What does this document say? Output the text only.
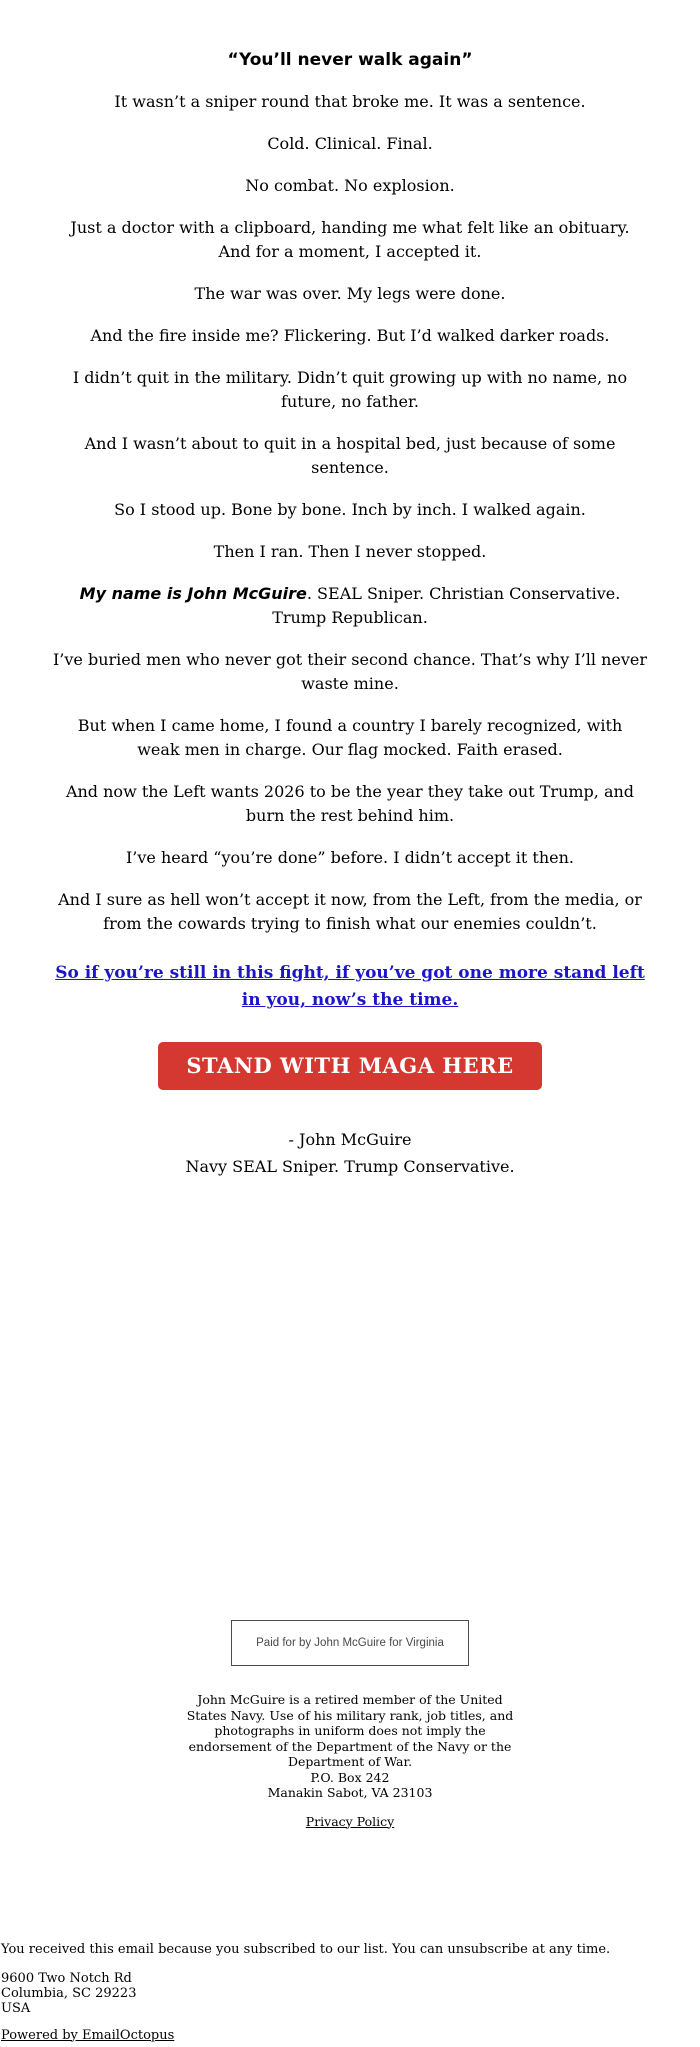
“You’ll never walk again”

It wasn’t a sniper round that broke me. It was a sentence.

Cold. Clinical. Final.

No combat. No explosion.

Just a doctor with a clipboard, handing me what felt like an obituary.
And for a moment, I accepted it.

The war was over. My legs were done.

And the fire inside me? Flickering. But I’d walked darker roads.

I didn’t quit in the military. Didn’t quit growing up with no name, no
future, no father.

And I wasn’t about to quit in a hospital bed, just because of some
sentence.

So I stood up. Bone by bone. Inch by inch. I walked again.

Then I ran. Then I never stopped.

My name is John McGuire. SEAL Sniper. Christian Conservative.
Trump Republican.

I’ve buried men who never got their second chance. That’s why I’ll never
waste mine.

But when I came home, I found a country I barely recognized, with
weak men in charge. Our flag mocked. Faith erased.

And now the Left wants 2026 to be the year they take out Trump, and
burn the rest behind him.

I’ve heard “you’re done” before. I didn’t accept it then.

And I sure as hell won’t accept it now, from the Left, from the media, or
from the cowards trying to finish what our enemies couldn’t.

So if you’re still in this fight, if you’ve got one more stand left
in you, now’s the time.

STAND WITH MAGA HERE

- John McGuire
Navy SEAL Sniper. Trump Conservative.

Paid for by John McGuire for Virginia

John McGuire is a retired member of the United
States Navy. Use of his military rank, job titles, and
photographs in uniform does not imply the
endorsement of the Department of the Navy or the
Department of War.
P.O. Box 242
Manakin Sabot, VA 23103

Privacy Policy

You received this email because you subscribed to our list. You can unsubscribe at any time.

9600 Two Notch Rd
Columbia, SC 29223
USA

Powered by EmailOctopus
